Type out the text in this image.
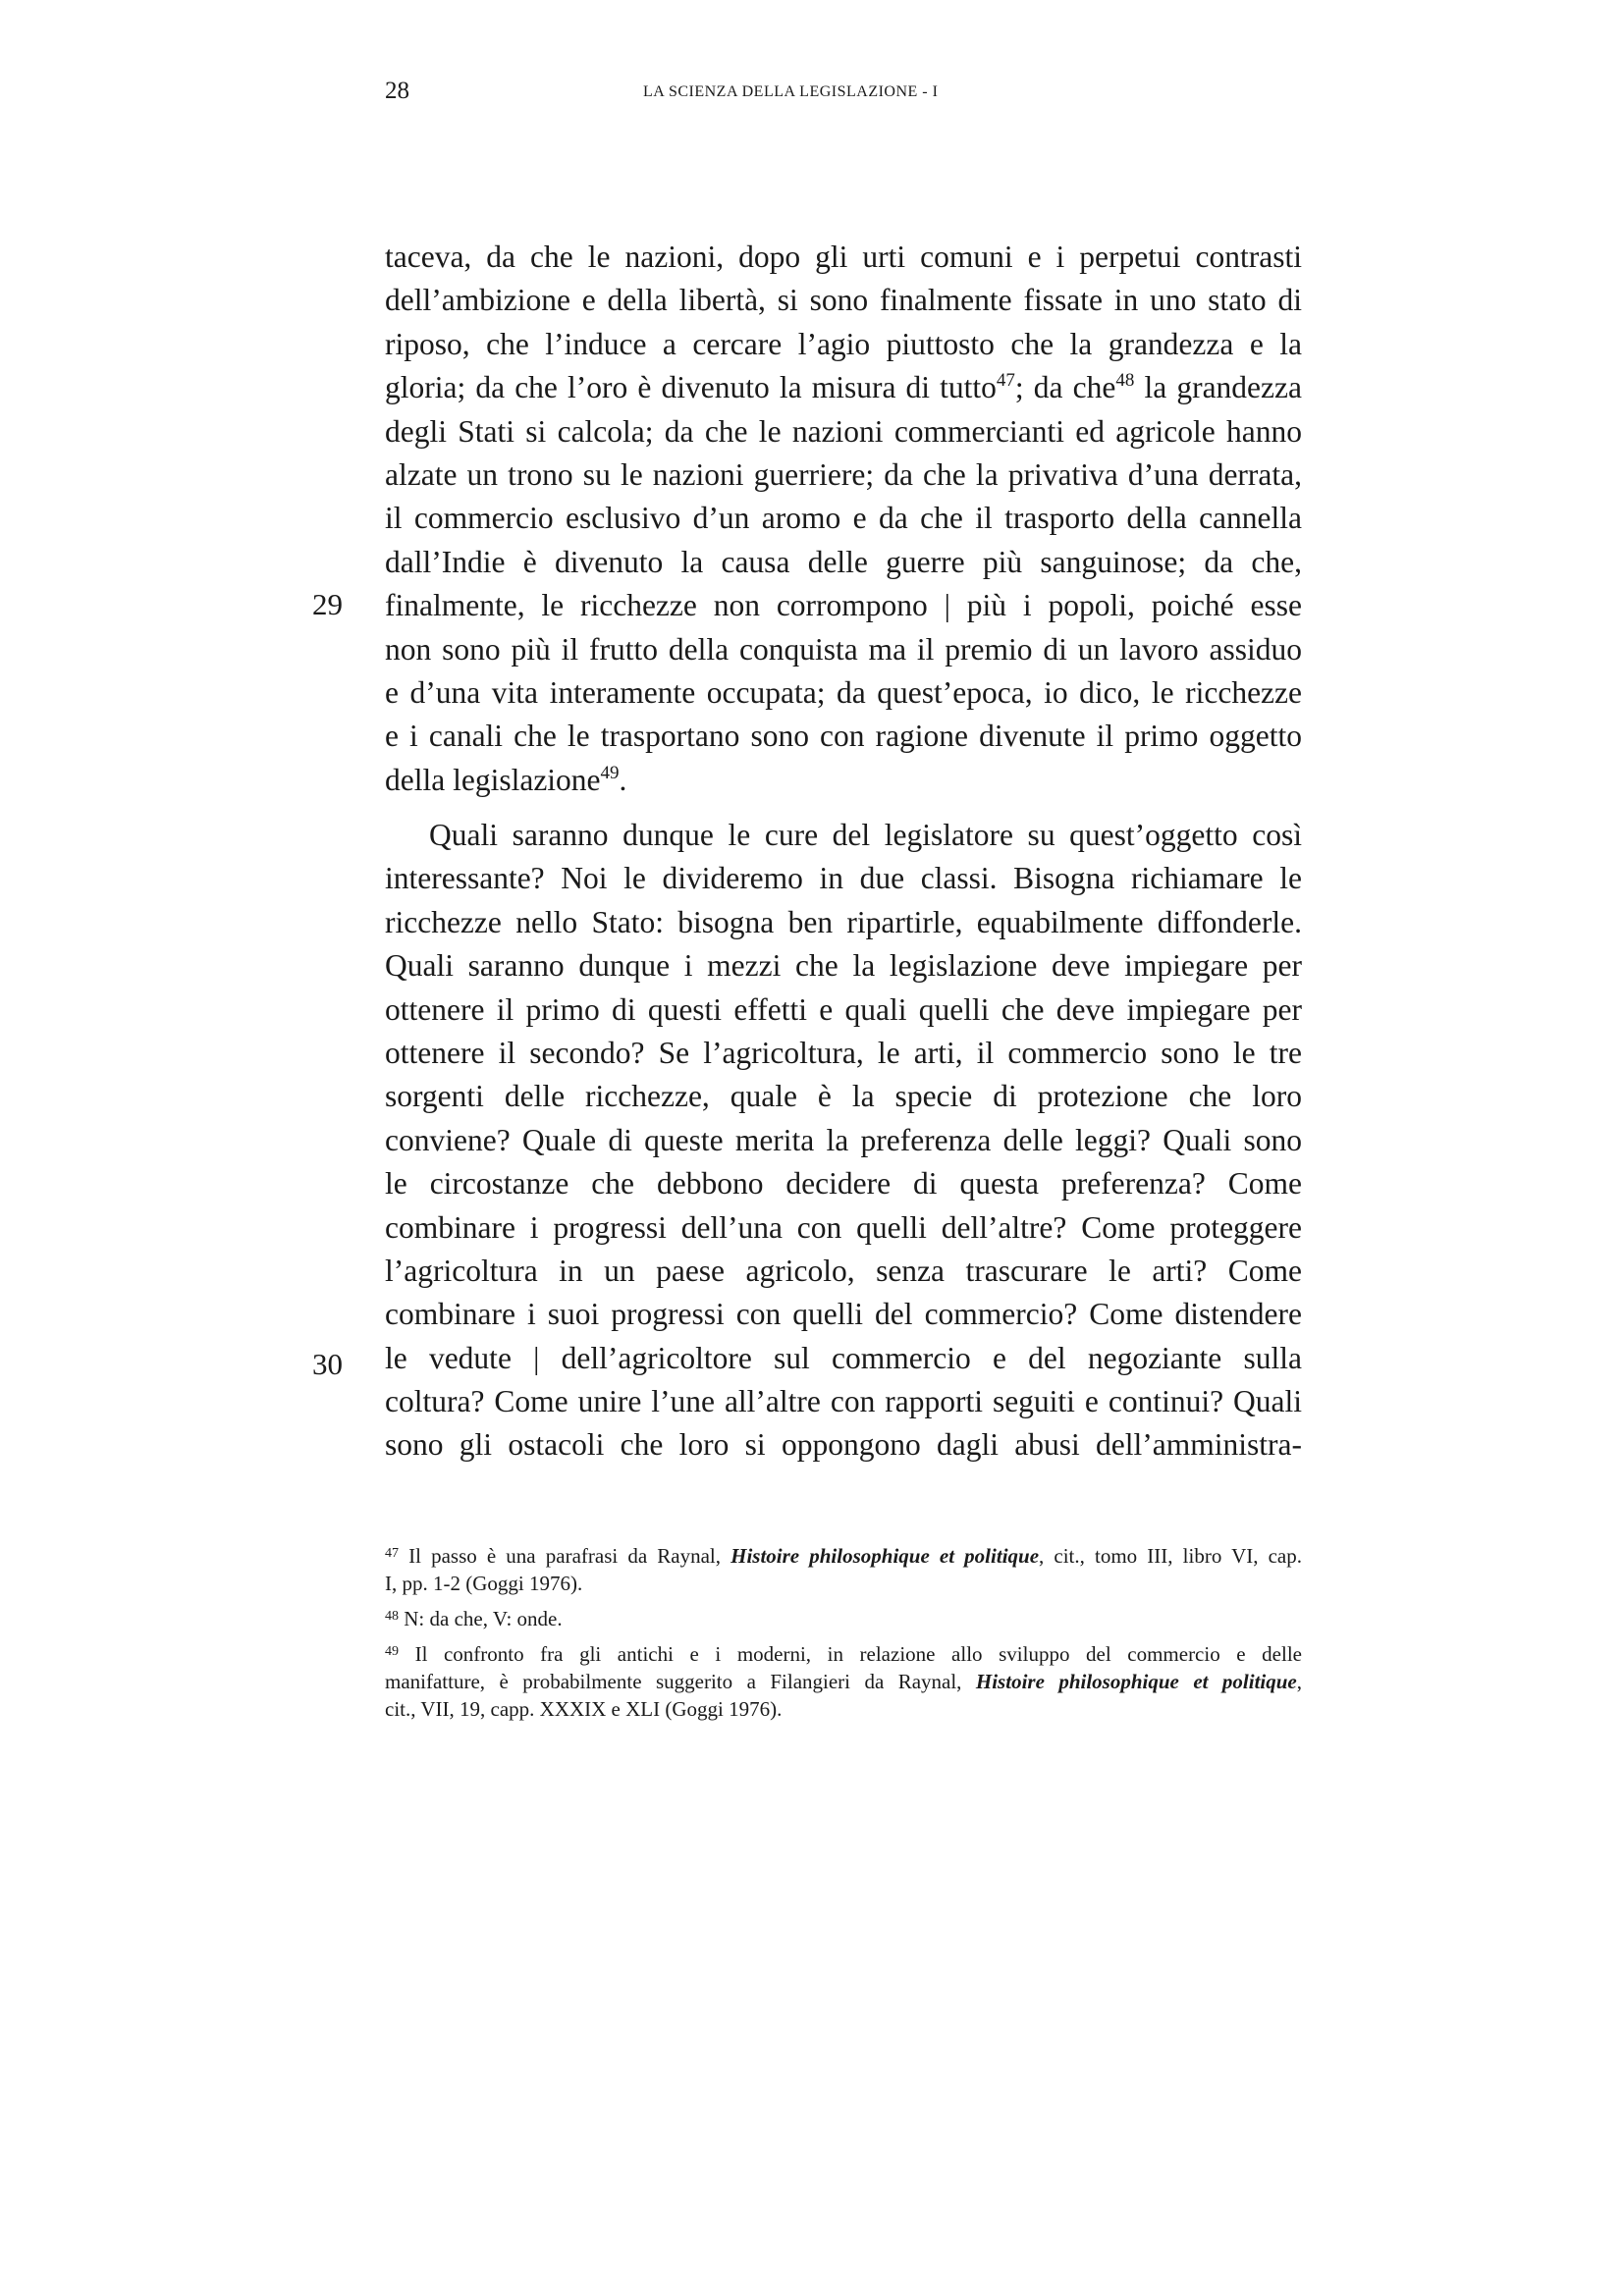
28	LA SCIENZA DELLA LEGISLAZIONE - I
29
30
taceva, da che le nazioni, dopo gli urti comuni e i perpetui contrasti
dell’ambizione e della libertà, si sono finalmente fissate in uno stato di
riposo, che l’induce a cercare l’agio piuttosto che la grandezza e la
gloria; da che l’oro è divenuto la misura di tutto$^{47}$; da che$^{48}$ la grandezza
degli Stati si calcola; da che le nazioni commercianti ed agricole hanno
alzate un trono su le nazioni guerriere; da che la privativa d’una derrata,
il commercio esclusivo d’un aromo e da che il trasporto della cannella
dall’Indie è divenuto la causa delle guerre più sanguinose; da che,
finalmente, le ricchezze non corrompono | più i popoli, poiché esse
non sono più il frutto della conquista ma il premio di un lavoro assiduo
e d’una vita interamente occupata; da quest’epoca, io dico, le ricchezze
e i canali che le trasportano sono con ragione divenute il primo oggetto
della legislazione$^{49}$.
Quali saranno dunque le cure del legislatore su quest’oggetto così
interessante? Noi le divideremo in due classi. Bisogna richiamare le
ricchezze nello Stato: bisogna ben ripartirle, equabilmente diffonderle.
Quali saranno dunque i mezzi che la legislazione deve impiegare per
ottenere il primo di questi effetti e quali quelli che deve impiegare per
ottenere il secondo? Se l’agricoltura, le arti, il commercio sono le tre
sorgenti delle ricchezze, quale è la specie di protezione che loro
conviene? Quale di queste merita la preferenza delle leggi? Quali sono
le circostanze che debbono decidere di questa preferenza? Come
combinare i progressi dell’una con quelli dell’altre? Come proteggere
l’agricoltura in un paese agricolo, senza trascurare le arti? Come
combinare i suoi progressi con quelli del commercio? Come distendere
le vedute | dell’agricoltore sul commercio e del negoziante sulla
coltura? Come unire l’une all’altre con rapporti seguiti e continui? Quali
sono gli ostacoli che loro si oppongono dagli abusi dell’amministra-
$^{47}$ Il passo è una parafrasi da Raynal, Histoire philosophique et politique, cit., tomo III, libro VI, cap.
I, pp. 1-2 (Goggi 1976).
$^{48}$ N: da che, V: onde.
$^{49}$ Il confronto fra gli antichi e i moderni, in relazione allo sviluppo del commercio e delle
manifatture, è probabilmente suggerito a Filangieri da Raynal, Histoire philosophique et politique,
cit., VII, 19, capp. XXXIX e XLI (Goggi 1976).
